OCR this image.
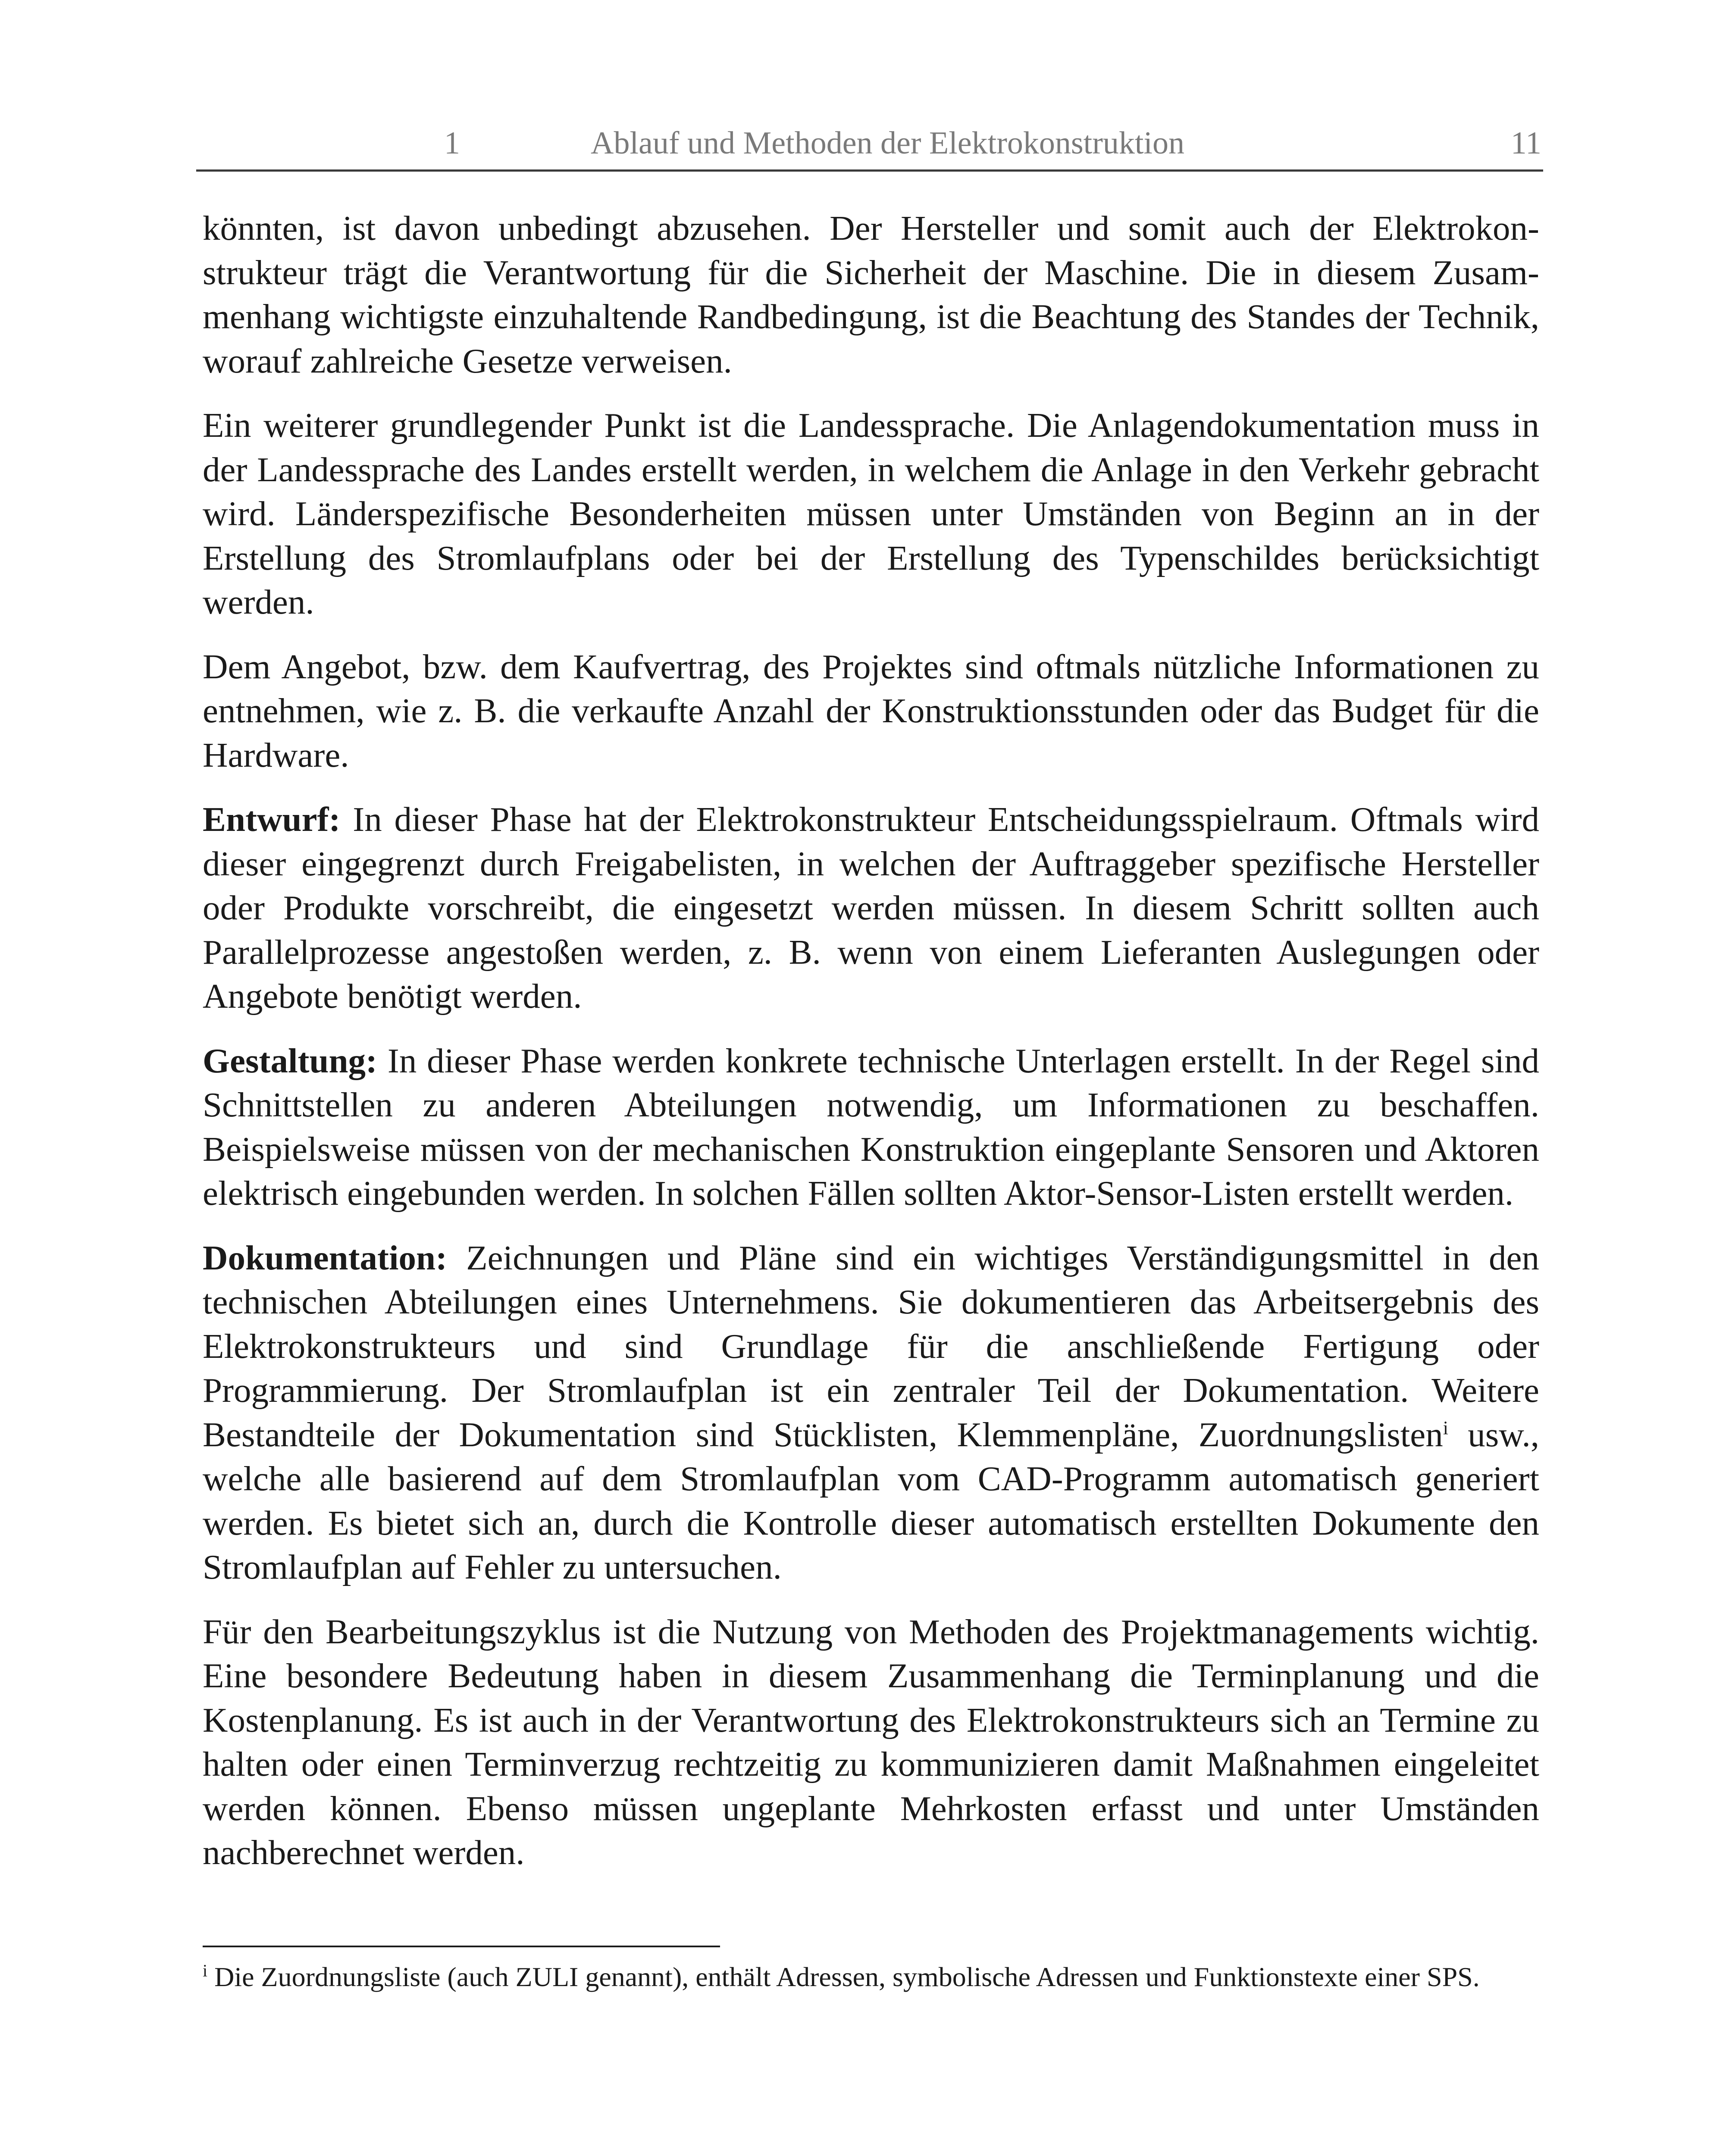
1	Ablauf und Methoden der Elektrokonstruktion	11

könnten, ist davon unbedingt abzusehen. Der Hersteller und somit auch der Elektrokonstrukteur trägt die Verantwortung für die Sicherheit der Maschine. Die in diesem Zusammenhang wichtigste einzuhaltende Randbedingung, ist die Beachtung des Standes der Technik, worauf zahlreiche Gesetze verweisen.

Ein weiterer grundlegender Punkt ist die Landessprache. Die Anlagendokumentation muss in der Landessprache des Landes erstellt werden, in welchem die Anlage in den Verkehr gebracht wird. Länderspezifische Besonderheiten müssen unter Umständen von Beginn an in der Erstellung des Stromlaufplans oder bei der Erstellung des Typenschildes berücksichtigt werden.

Dem Angebot, bzw. dem Kaufvertrag, des Projektes sind oftmals nützliche Informationen zu entnehmen, wie z. B. die verkaufte Anzahl der Konstruktionsstunden oder das Budget für die Hardware.

Entwurf: In dieser Phase hat der Elektrokonstrukteur Entscheidungsspielraum. Oftmals wird dieser eingegrenzt durch Freigabelisten, in welchen der Auftraggeber spezifische Hersteller oder Produkte vorschreibt, die eingesetzt werden müssen. In diesem Schritt sollten auch Parallelprozesse angestoßen werden, z. B. wenn von einem Lieferanten Auslegungen oder Angebote benötigt werden.

Gestaltung: In dieser Phase werden konkrete technische Unterlagen erstellt. In der Regel sind Schnittstellen zu anderen Abteilungen notwendig, um Informationen zu beschaffen. Beispielsweise müssen von der mechanischen Konstruktion eingeplante Sensoren und Aktoren elektrisch eingebunden werden. In solchen Fällen sollten Aktor-Sensor-Listen erstellt werden.

Dokumentation: Zeichnungen und Pläne sind ein wichtiges Verständigungsmittel in den technischen Abteilungen eines Unternehmens. Sie dokumentieren das Arbeitsergebnis des Elektrokonstrukteurs und sind Grundlage für die anschließende Fertigung oder Programmierung. Der Stromlaufplan ist ein zentraler Teil der Dokumentation. Weitere Bestandteile der Dokumentation sind Stücklisten, Klemmenpläne, Zuordnungslisten$^i$ usw., welche alle basierend auf dem Stromlaufplan vom CAD-Programm automatisch generiert werden. Es bietet sich an, durch die Kontrolle dieser automatisch erstellten Dokumente den Stromlaufplan auf Fehler zu untersuchen.

Für den Bearbeitungszyklus ist die Nutzung von Methoden des Projektmanagements wichtig. Eine besondere Bedeutung haben in diesem Zusammenhang die Terminplanung und die Kostenplanung. Es ist auch in der Verantwortung des Elektrokonstrukteurs sich an Termine zu halten oder einen Terminverzug rechtzeitig zu kommunizieren damit Maßnahmen eingeleitet werden können. Ebenso müssen ungeplante Mehrkosten erfasst und unter Umständen nachberechnet werden.

$^i$ Die Zuordnungsliste (auch ZULI genannt), enthält Adressen, symbolische Adressen und Funktionstexte einer SPS.
